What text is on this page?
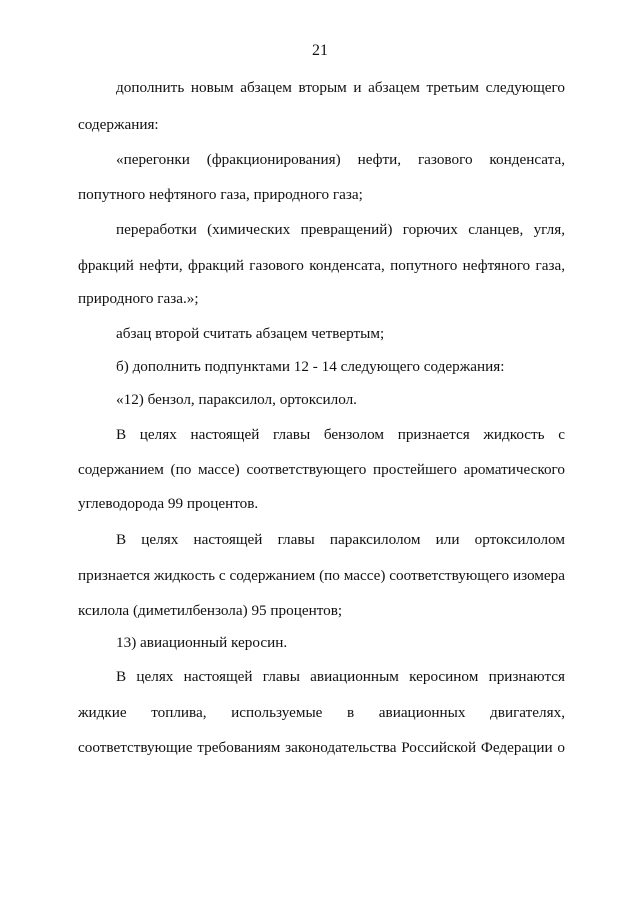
21
дополнить новым абзацем вторым и абзацем третьим следующего
содержания:
«перегонки (фракционирования) нефти, газового конденсата,
попутного нефтяного газа, природного газа;
переработки (химических превращений) горючих сланцев, угля,
фракций нефти, фракций газового конденсата, попутного нефтяного газа,
природного газа.»;
абзац второй считать абзацем четвертым;
б) дополнить подпунктами 12 - 14 следующего содержания:
«12) бензол, параксилол, ортоксилол.
В целях настоящей главы бензолом признается жидкость с
содержанием (по массе) соответствующего простейшего ароматического
углеводорода 99 процентов.
В целях настоящей главы параксилолом или ортоксилолом
признается жидкость с содержанием (по массе) соответствующего изомера
ксилола (диметилбензола) 95 процентов;
13) авиационный керосин.
В целях настоящей главы авиационным керосином признаются
жидкие топлива, используемые в авиационных двигателях,
соответствующие требованиям законодательства Российской Федерации о
